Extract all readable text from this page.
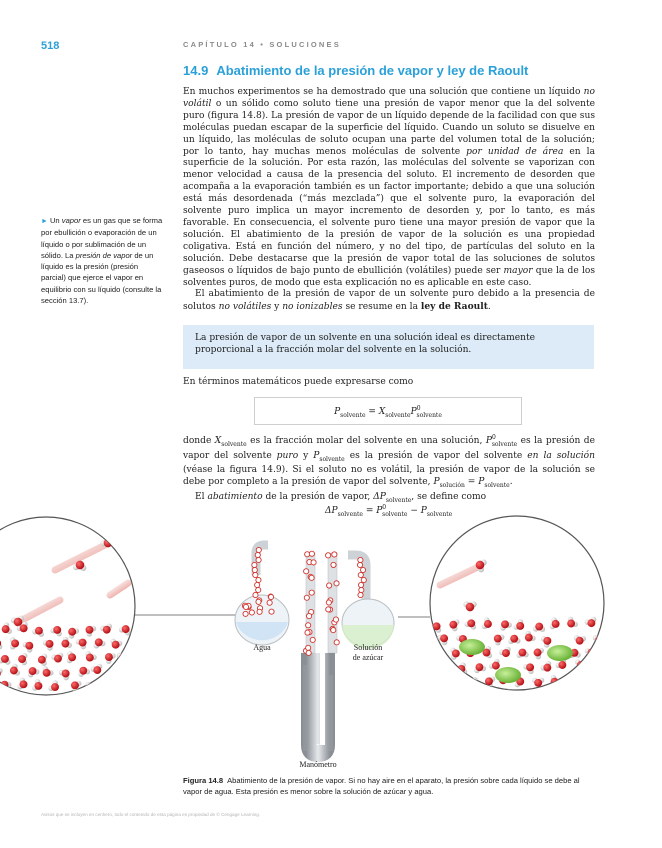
518	CAPÍTULO 14 • SOLUCIONES
14.9 Abatimiento de la presión de vapor y ley de Raoult
► Un vapor es un gas que se forma por ebullición o evaporación de un líquido o por sublimación de un sólido. La presión de vapor de un líquido es la presión (presión parcial) que ejerce el vapor en equilibrio con su líquido (consulte la sección 13.7).

En muchos experimentos se ha demostrado que una solución que contiene un líquido no volátil o un sólido como soluto tiene una presión de vapor menor que la del solvente puro (figura 14.8). La presión de vapor de un líquido depende de la facilidad con que sus moléculas puedan escapar de la superficie del líquido. Cuando un soluto se disuelve en un líquido, las moléculas de soluto ocupan una parte del volumen total de la solución; por lo tanto, hay muchas menos moléculas de solvente por unidad de área en la superficie de la solución. Por esta razón, las moléculas del solvente se vaporizan con menor velocidad a causa de la presencia del soluto. El incremento de desorden que acompaña a la evaporación también es un factor importante; debido a que una solución está más desordenada (“más mezclada”) que el solvente puro, la evaporación del solvente puro implica un mayor incremento de desorden y, por lo tanto, es más favorable. En consecuencia, el solvente puro tiene una mayor presión de vapor que la solución. El abatimiento de la presión de vapor de la solución es una propiedad coligativa. Está en función del número, y no del tipo, de partículas del soluto en la solución. Debe destacarse que la presión de vapor total de las soluciones de solutos gaseosos o líquidos de bajo punto de ebullición (volátiles) puede ser mayor que la de los solventes puros, de modo que esta explicación no es aplicable en este caso.

El abatimiento de la presión de vapor de un solvente puro debido a la presencia de solutos no volátiles y no ionizables se resume en la ley de Raoult.

La presión de vapor de un solvente en una solución ideal es directamente proporcional a la fracción molar del solvente en la solución.

En términos matemáticos puede expresarse como
$P_{solvente} = X_{solvente}P^0_{solvente}$

donde $X_{solvente}$ es la fracción molar del solvente en una solución, $P^0_{solvente}$ es la presión de vapor del solvente puro y $P_{solvente}$ es la presión de vapor del solvente en la solución (véase la figura 14.9). Si el soluto no es volátil, la presión de vapor de la solución se debe por completo a la presión de vapor del solvente, $P_{solución} = P_{solvente}$.

El abatimiento de la presión de vapor, $\Delta P_{solvente}$, se define como

$\Delta P_{solvente} = P^0_{solvente} - P_{solvente}$
Agua	Solución
de azúcar
Manómetro
Figura 14.8 Abatimiento de la presión de vapor. Si no hay aire en el aparato, la presión sobre cada líquido se debe al vapor de agua. Esta presión es menor sobre la solución de azúcar y agua.
Avisos que se incluyen en cenhero, todo el contenido de esta página es propiedad de © Cengage Learning.
